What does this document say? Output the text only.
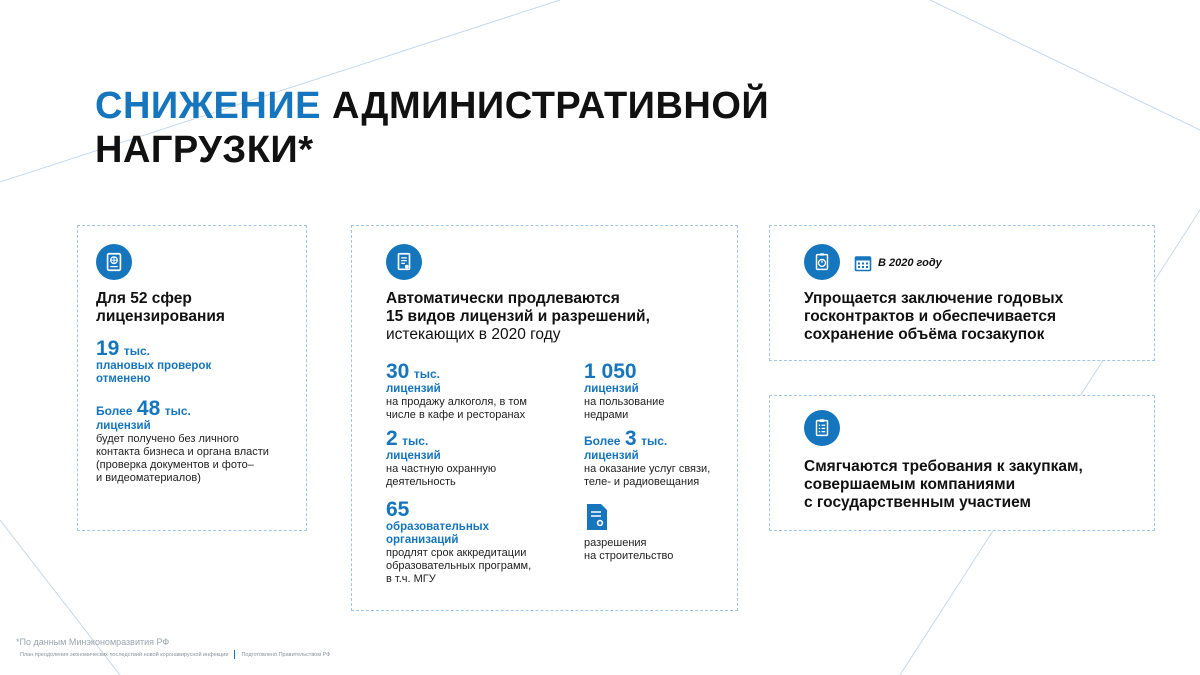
СНИЖЕНИЕ АДМИНИСТРАТИВНОЙ
НАГРУЗКИ*
Для 52 сфер
лицензирования
19 тыс.
плановых проверок
отменено
Более 48 тыс.
лицензий
будет получено без личного
контакта бизнеса и органа власти
(проверка документов и фото–
и видеоматериалов)
Автоматически продлеваются
15 видов лицензий и разрешений,
истекающих в 2020 году
30 тыс.
лицензий
на продажу алкоголя, в том
числе в кафе и ресторанах
1 050
лицензий
на пользование
недрами
2 тыс.
лицензий
на частную охранную
деятельность
Более 3 тыс.
лицензий
на оказание услуг связи,
теле- и радиовещания
65
образовательных
организаций
продлят срок аккредитации
образовательных программ,
в т.ч. МГУ
разрешения
на строительство
В 2020 году
Упрощается заключение годовых
госконтрактов и обеспечивается
сохранение объёма госзакупок
Смягчаются требования к закупкам,
совершаемым компаниями
с государственным участием
*По данным Минэкономразвития РФ
План преодоления экономических последствий новой коронавирусной инфекции Подготовлено Правительством РФ
